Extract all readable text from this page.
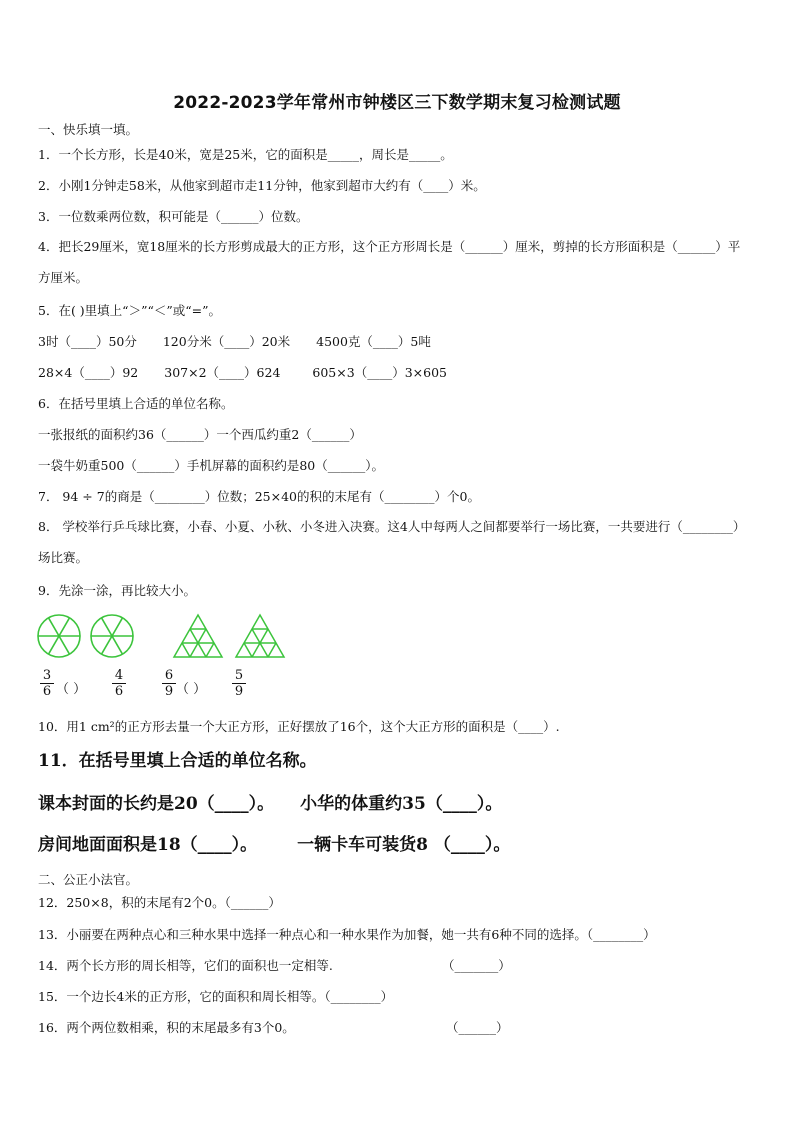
2022-2023学年常州市钟楼区三下数学期末复习检测试题
一、快乐填一填。
1．一个长方形，长是40米，宽是25米，它的面积是_____，周长是_____。
2．小刚1分钟走58米，从他家到超市走11分钟，他家到超市大约有（____）米。
3．一位数乘两位数，积可能是（______）位数。
4．把长29厘米，宽18厘米的长方形剪成最大的正方形，这个正方形周长是（______）厘米，剪掉的长方形面积是（______）平方厘米。
5．在( )里填上“＞”“＜”或“=”。
3时（____）50分 120分米（____）20米 4500克（____）5吨
28×4（____）92 307×2（____）624	605×3（____）3×605
6．在括号里填上合适的单位名称。
一张报纸的面积约36（______）一个西瓜约重2（______）
一袋牛奶重500（______）手机屏幕的面积约是80（______）。
7． 94 ÷ 7的商是（________）位数；25×40的积的末尾有（________）个0。
8． 学校举行乒乓球比赛，小春、小夏、小秋、小冬进入决赛。这4人中每两人之间都要举行一场比赛，一共要进行（________）场比赛。
9．先涂一涂，再比较大小。
$\frac{3}{6}$ （ ） $\frac{4}{6}$	$\frac{6}{9}$ （ ） $\frac{5}{9}$
10．用1 cm²的正方形去量一个大正方形，正好摆放了16个，这个大正方形的面积是（____）.
11．在括号里填上合适的单位名称。
课本封面的长约是20（____）。 小华的体重约35（____）。
房间地面面积是18（____）。 一辆卡车可装货8 （____）。
二、公正小法官。
12．250×8，积的末尾有2个0。（______）
13．小丽要在两种点心和三种水果中选择一种点心和一种水果作为加餐，她一共有6种不同的选择。（________）
14．两个长方形的周长相等，它们的面积也一定相等.	（_______）
15．一个边长4米的正方形，它的面积和周长相等。（________）
16．两个两位数相乘，积的末尾最多有3个0。	（______）
